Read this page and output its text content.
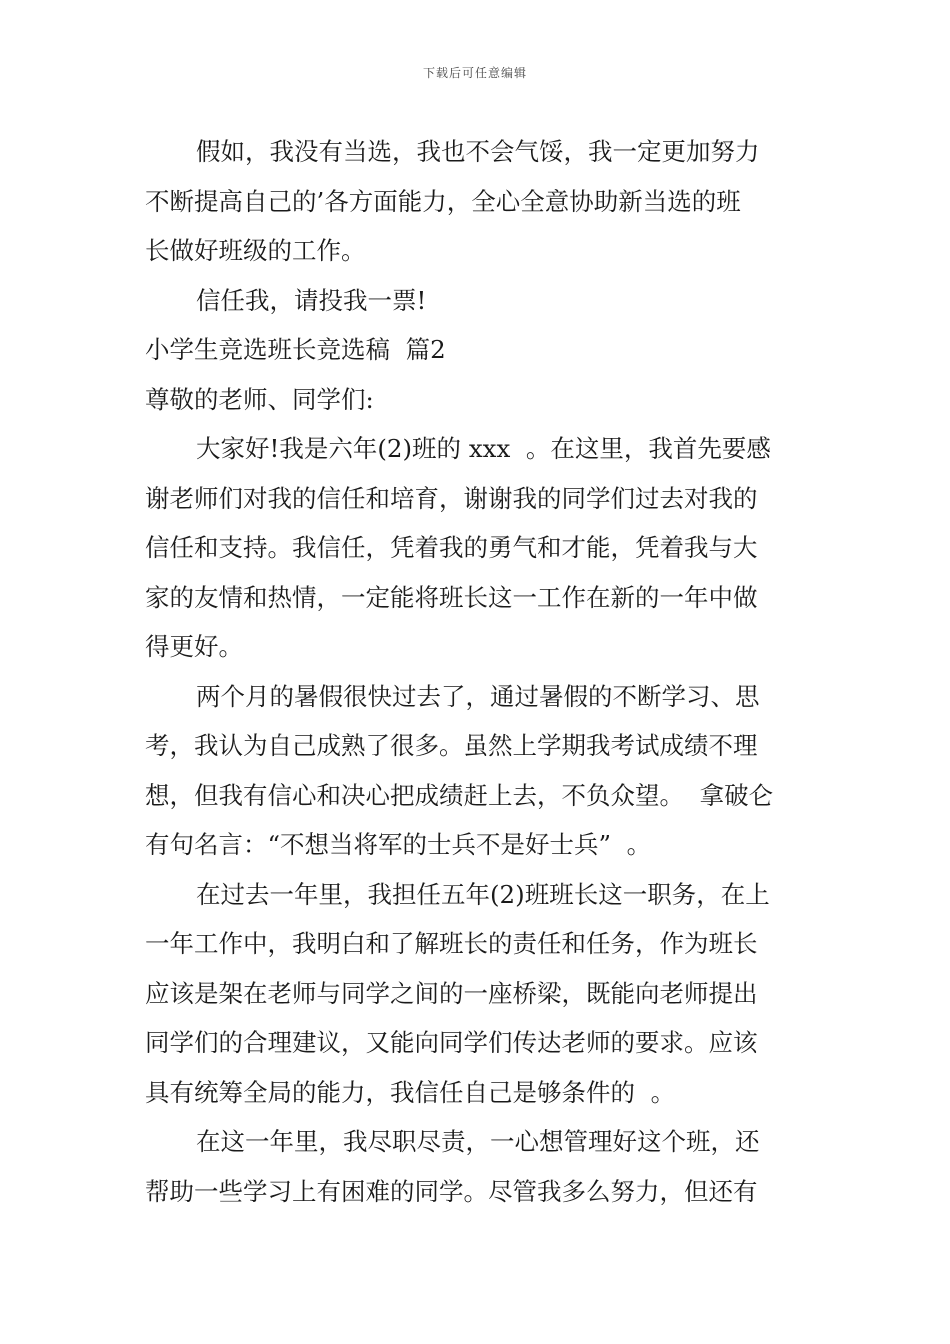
下载后可任意编辑
假如，我没有当选，我也不会气馁，我一定更加努力
不断提高自己的’各方面能力，全心全意协助新当选的班
长做好班级的工作。
信任我，请投我一票!
小学生竞选班长竞选稿  篇2
尊敬的老师、同学们:
大家好!我是六年(2)班的 xxx  。在这里，我首先要感
谢老师们对我的信任和培育，谢谢我的同学们过去对我的
信任和支持。我信任，凭着我的勇气和才能，凭着我与大
家的友情和热情，一定能将班长这一工作在新的一年中做
得更好。
两个月的暑假很快过去了，通过暑假的不断学习、思
考，我认为自己成熟了很多。虽然上学期我考试成绩不理
想，但我有信心和决心把成绩赶上去，不负众望。  拿破仑
有句名言：“不想当将军的士兵不是好士兵”  。
在过去一年里，我担任五年(2)班班长这一职务，在上
一年工作中，我明白和了解班长的责任和任务，作为班长
应该是架在老师与同学之间的一座桥梁，既能向老师提出
同学们的合理建议，又能向同学们传达老师的要求。应该
具有统筹全局的能力，我信任自己是够条件的  。
在这一年里，我尽职尽责，一心想管理好这个班，还
帮助一些学习上有困难的同学。尽管我多么努力，但还有
